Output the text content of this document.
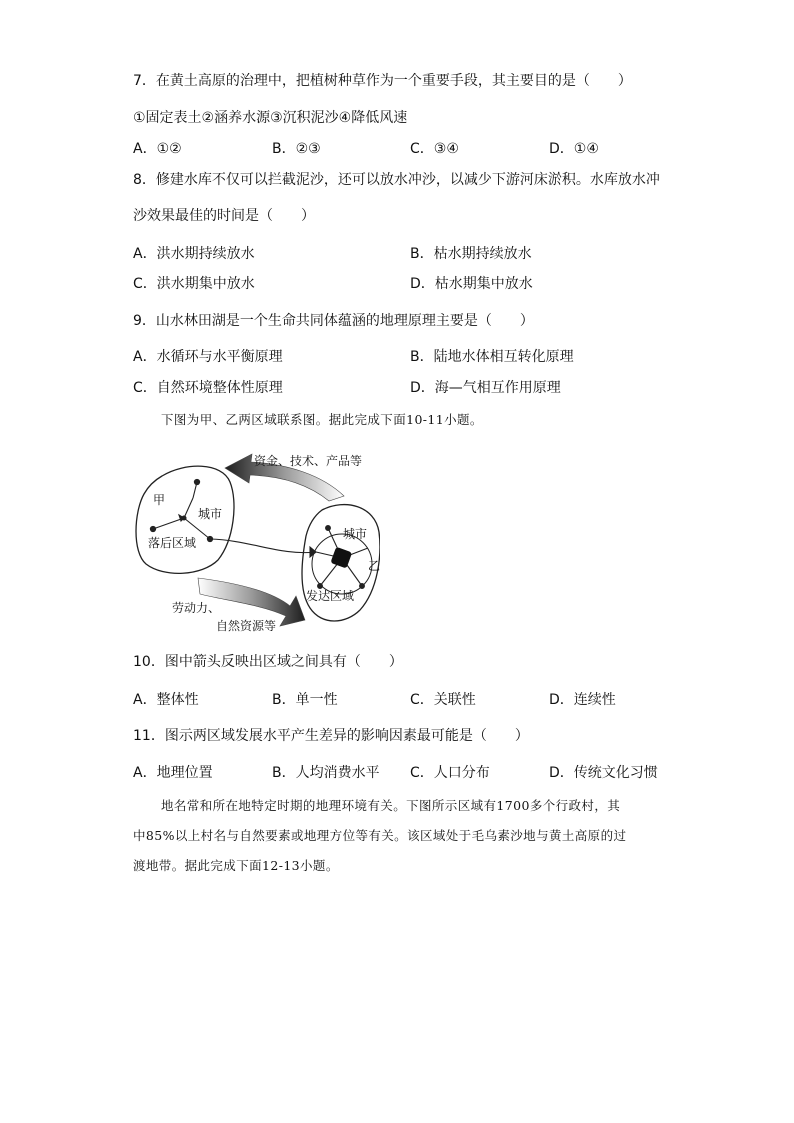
7．在黄土高原的治理中，把植树种草作为一个重要手段，其主要目的是（　　）
①固定表土②涵养水源③沉积泥沙④降低风速
A．①②	B．②③	C．③④	D．①④
8．修建水库不仅可以拦截泥沙，还可以放水冲沙，以减少下游河床淤积。水库放水冲
沙效果最佳的时间是（　　）
A．洪水期持续放水	B．枯水期持续放水
C．洪水期集中放水	D．枯水期集中放水
9．山水林田湖是一个生命共同体蕴涵的地理原理主要是（　　）
A．水循环与水平衡原理	B．陆地水体相互转化原理
C．自然环境整体性原理	D．海—气相互作用原理
下图为甲、乙两区域联系图。据此完成下面10-11小题。
资金、技术、产品等
甲
城市
落后区域
城市
乙
发达区域
劳动力、
自然资源等
10．图中箭头反映出区域之间具有（　　）
A．整体性	B．单一性	C．关联性	D．连续性
11．图示两区域发展水平产生差异的影响因素最可能是（　　）
A．地理位置	B．人均消费水平 C．人口分布	D．传统文化习惯
地名常和所在地特定时期的地理环境有关。下图所示区域有1700多个行政村，其
中85%以上村名与自然要素或地理方位等有关。该区域处于毛乌素沙地与黄土高原的过
渡地带。据此完成下面12-13小题。
